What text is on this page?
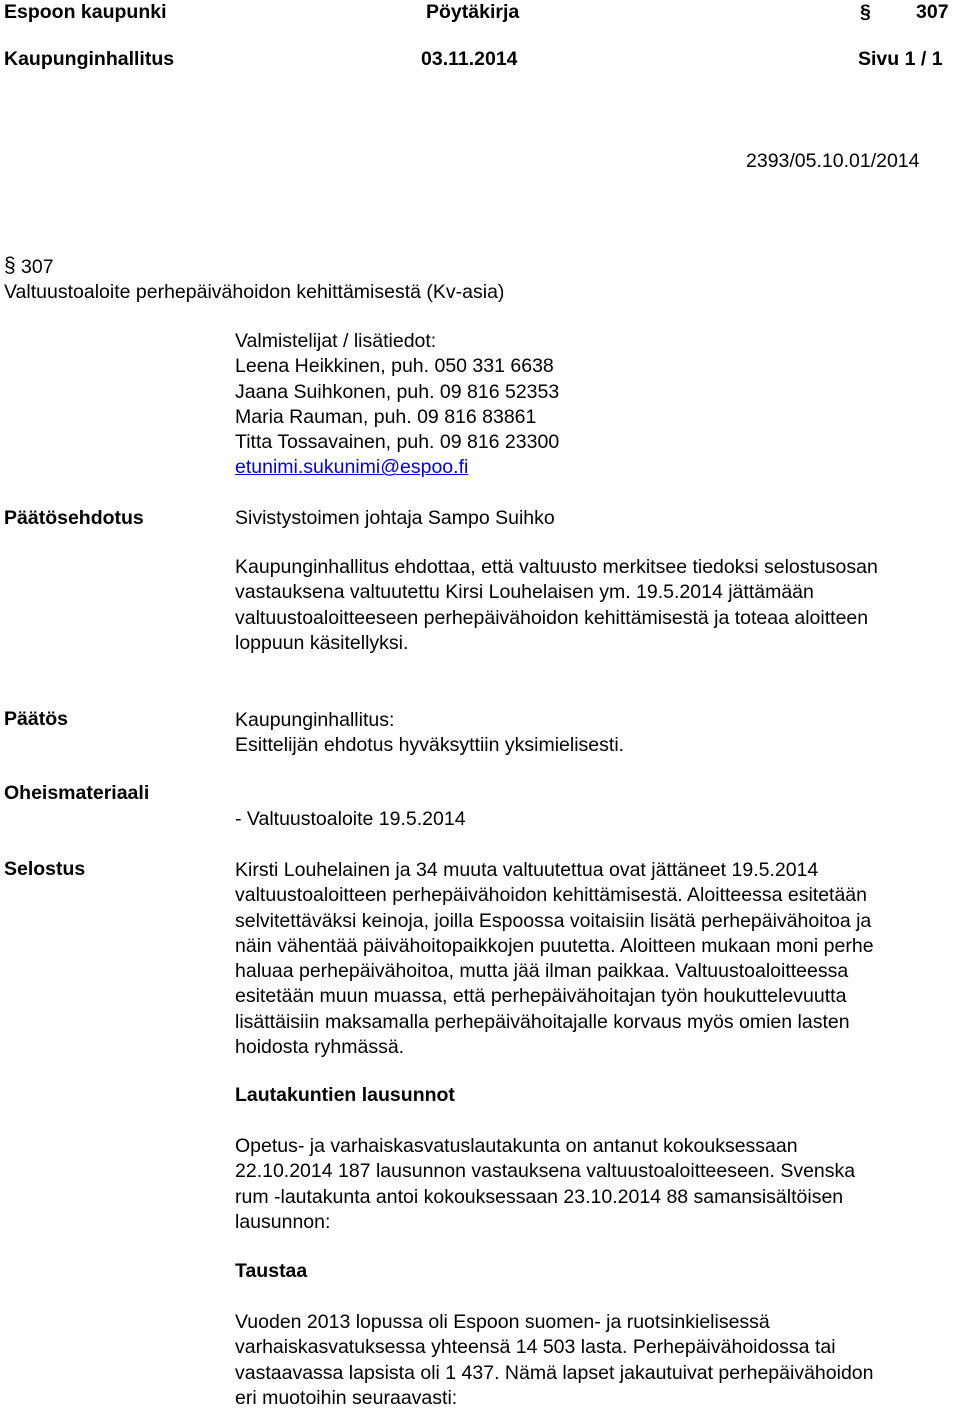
Espoon kaupunki	Pöytäkirja	§ 307
Kaupunginhallitus	03.11.2014	Sivu 1 / 1
2393/05.10.01/2014
§ 307
Valtuustoaloite perhepäivähoidon kehittämisestä (Kv-asia)
Valmistelijat / lisätiedot:
Leena Heikkinen, puh. 050 331 6638
Jaana Suihkonen, puh. 09 816 52353
Maria Rauman, puh. 09 816 83861
Titta Tossavainen, puh. 09 816 23300
etunimi.sukunimi@espoo.fi
Päätösehdotus	Sivistystoimen johtaja Sampo Suihko
Kaupunginhallitus ehdottaa, että valtuusto merkitsee tiedoksi selostusosan
vastauksena valtuutettu Kirsi Louhelaisen ym. 19.5.2014 jättämään
valtuustoaloitteeseen perhepäivähoidon kehittämisestä ja toteaa aloitteen
loppuun käsitellyksi.
Päätös	Kaupunginhallitus:
Esittelijän ehdotus hyväksyttiin yksimielisesti.
Oheismateriaali
- Valtuustoaloite 19.5.2014
Selostus	Kirsti Louhelainen ja 34 muuta valtuutettua ovat jättäneet 19.5.2014
valtuustoaloitteen perhepäivähoidon kehittämisestä. Aloitteessa esitetään
selvitettäväksi keinoja, joilla Espoossa voitaisiin lisätä perhepäivähoitoa ja
näin vähentää päivähoitopaikkojen puutetta. Aloitteen mukaan moni perhe
haluaa perhepäivähoitoa, mutta jää ilman paikkaa. Valtuustoaloitteessa
esitetään muun muassa, että perhepäivähoitajan työn houkuttelevuutta
lisättäisiin maksamalla perhepäivähoitajalle korvaus myös omien lasten
hoidosta ryhmässä.
Lautakuntien lausunnot
Opetus- ja varhaiskasvatuslautakunta on antanut kokouksessaan
22.10.2014 187 lausunnon vastauksena valtuustoaloitteeseen. Svenska
rum -lautakunta antoi kokouksessaan 23.10.2014 88 samansisältöisen
lausunnon:
Taustaa
Vuoden 2013 lopussa oli Espoon suomen- ja ruotsinkielisessä
varhaiskasvatuksessa yhteensä 14 503 lasta. Perhepäivähoidossa tai
vastaavassa lapsista oli 1 437. Nämä lapset jakautuivat perhepäivähoidon
eri muotoihin seuraavasti:
